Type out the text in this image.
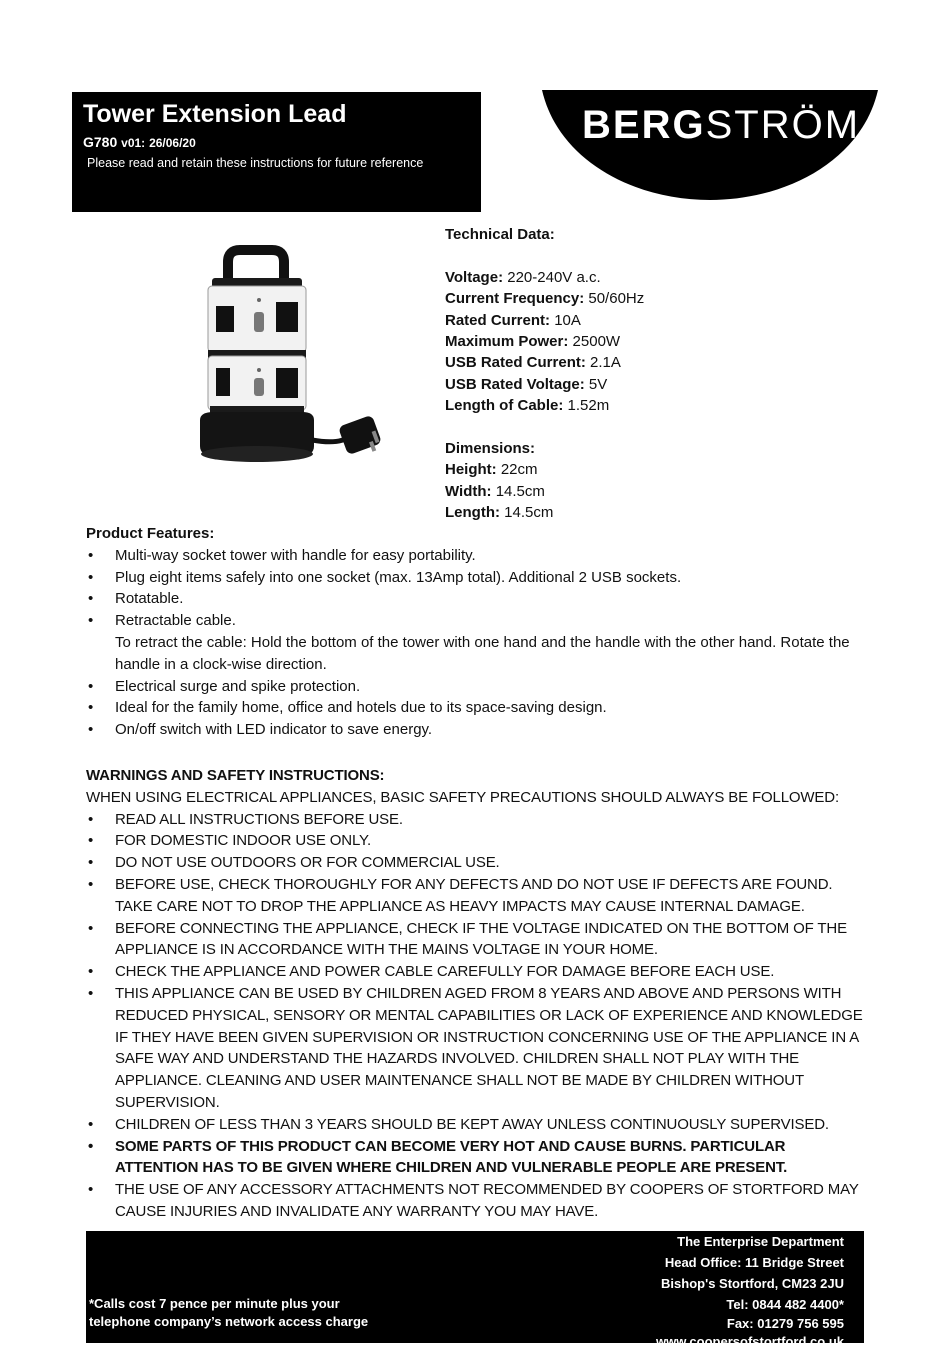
Tower Extension Lead
G780 v01: 26/06/20
Please read and retain these instructions for future reference
BERGSTRÖM
Technical Data:
Voltage: 220-240V a.c.
Current Frequency: 50/60Hz
Rated Current: 10A
Maximum Power: 2500W
USB Rated Current: 2.1A
USB Rated Voltage: 5V
Length of Cable: 1.52m
Dimensions:
Height: 22cm
Width: 14.5cm
Length: 14.5cm
Product Features:
• Multi-way socket tower with handle for easy portability.
• Plug eight items safely into one socket (max. 13Amp total). Additional 2 USB sockets.
• Rotatable.
• Retractable cable.
To retract the cable: Hold the bottom of the tower with one hand and the handle with the other hand. Rotate the handle in a clock-wise direction.
• Electrical surge and spike protection.
• Ideal for the family home, office and hotels due to its space-saving design.
• On/off switch with LED indicator to save energy.
WARNINGS AND SAFETY INSTRUCTIONS:
WHEN USING ELECTRICAL APPLIANCES, BASIC SAFETY PRECAUTIONS SHOULD ALWAYS BE FOLLOWED:
• READ ALL INSTRUCTIONS BEFORE USE.
• FOR DOMESTIC INDOOR USE ONLY.
• DO NOT USE OUTDOORS OR FOR COMMERCIAL USE.
• BEFORE USE, CHECK THOROUGHLY FOR ANY DEFECTS AND DO NOT USE IF DEFECTS ARE FOUND. TAKE CARE NOT TO DROP THE APPLIANCE AS HEAVY IMPACTS MAY CAUSE INTERNAL DAMAGE.
• BEFORE CONNECTING THE APPLIANCE, CHECK IF THE VOLTAGE INDICATED ON THE BOTTOM OF THE APPLIANCE IS IN ACCORDANCE WITH THE MAINS VOLTAGE IN YOUR HOME.
• CHECK THE APPLIANCE AND POWER CABLE CAREFULLY FOR DAMAGE BEFORE EACH USE.
• THIS APPLIANCE CAN BE USED BY CHILDREN AGED FROM 8 YEARS AND ABOVE AND PERSONS WITH REDUCED PHYSICAL, SENSORY OR MENTAL CAPABILITIES OR LACK OF EXPERIENCE AND KNOWLEDGE IF THEY HAVE BEEN GIVEN SUPERVISION OR INSTRUCTION CONCERNING USE OF THE APPLIANCE IN A SAFE WAY AND UNDERSTAND THE HAZARDS INVOLVED. CHILDREN SHALL NOT PLAY WITH THE APPLIANCE. CLEANING AND USER MAINTENANCE SHALL NOT BE MADE BY CHILDREN WITHOUT SUPERVISION.
• CHILDREN OF LESS THAN 3 YEARS SHOULD BE KEPT AWAY UNLESS CONTINUOUSLY SUPERVISED.
• SOME PARTS OF THIS PRODUCT CAN BECOME VERY HOT AND CAUSE BURNS. PARTICULAR ATTENTION HAS TO BE GIVEN WHERE CHILDREN AND VULNERABLE PEOPLE ARE PRESENT.
• THE USE OF ANY ACCESSORY ATTACHMENTS NOT RECOMMENDED BY COOPERS OF STORTFORD MAY CAUSE INJURIES AND INVALIDATE ANY WARRANTY YOU MAY HAVE.
The Enterprise Department
Head Office: 11 Bridge Street
Bishop's Stortford, CM23 2JU
Tel: 0844 482 4400*
Fax: 01279 756 595
www.coopersofstortford.co.uk
*Calls cost 7 pence per minute plus your
telephone company’s network access charge
